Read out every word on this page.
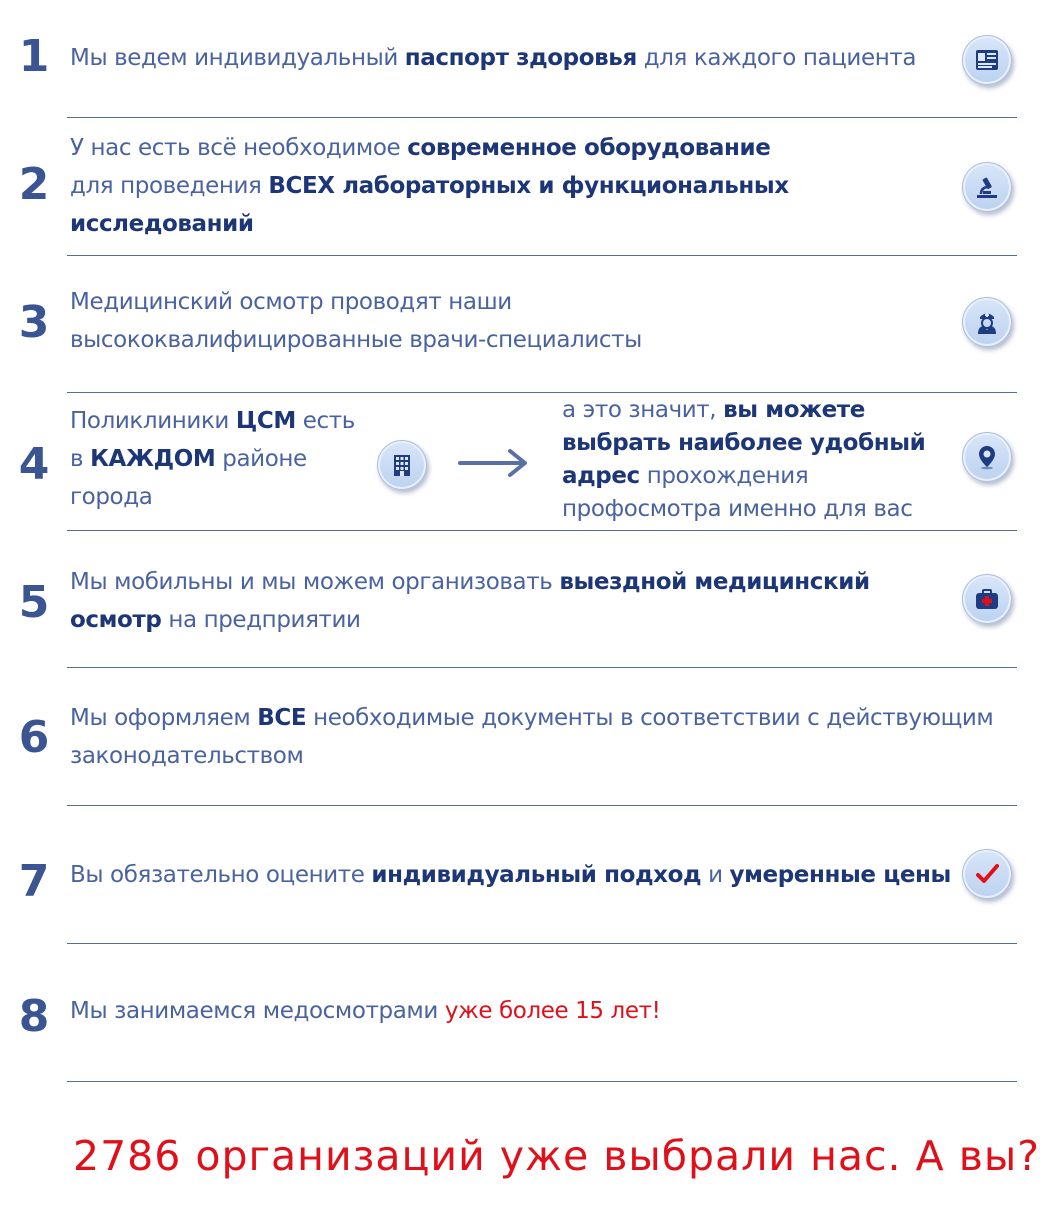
1 Мы ведем индивидуальный паспорт здоровья для каждого пациента
2
У нас есть всё необходимое современное оборудование
для проведения ВСЕХ лабораторных и функциональных
исследований
3 Медицинский осмотр проводят наши
высококвалифицированные врачи-специалисты
4
Поликлиники ЦСМ есть
в КАЖДОМ районе
города
а это значит, вы можете
выбрать наиболее удобный
адрес прохождения
профосмотра именно для вас
5 Мы мобильны и мы можем организовать выездной медицинский
осмотр на предприятии
6 Мы оформляем ВСЕ необходимые документы в соответствии с действующим
законодательством
7 Вы обязательно оцените индивидуальный подход и умеренные цены
8 Мы занимаемся медосмотрами уже более 15 лет!
2786 организаций уже выбрали нас. А вы?
